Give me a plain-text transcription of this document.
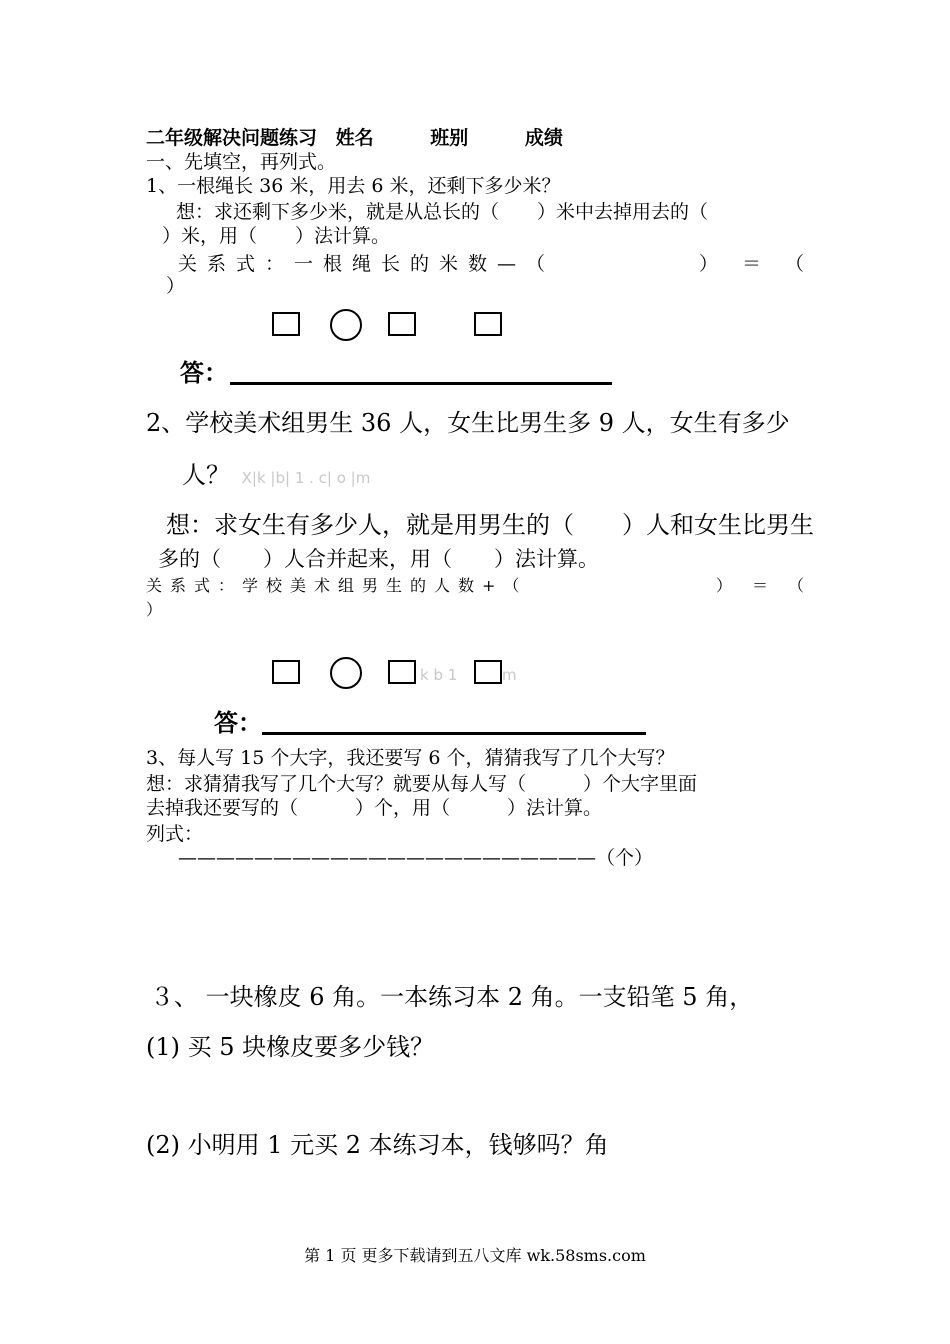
二年级解决问题练习 姓名	班别	成绩
一、先填空，再列式。
1、一根绳长 36 米，用去 6 米，还剩下多少米？
想：求还剩下多少米，就是从总长的（　　）米中去掉用去的（
）米，用（　　）法计算。
关系式：一根绳长的米数—（	） ＝ （
）
答：
2、学校美术组男生 36 人，女生比男生多 9 人，女生有多少
人？ X|k |b| 1 . c| o |m
想：求女生有多少人，就是用男生的（　　）人和女生比男生
多的（　　）人合并起来，用（　　）法计算。
关系式：学校美术组男生的人数+（	） ＝ （
）
k b 1	m
答：
3、每人写 15 个大字，我还要写 6 个，猜猜我写了几个大写？
想：求猜猜我写了几个大写？就要从每人写（　　　）个大字里面
去掉我还要写的（　　　）个，用（　　　）法计算。
列式：
——————————————————————（个）
３、 一块橡皮 6 角。一本练习本 2 角。一支铅笔 5 角，
(1) 买 5 块橡皮要多少钱？
(2) 小明用 1 元买 2 本练习本，钱够吗？角
第 1 页 更多下载请到五八文库 wk.58sms.com
